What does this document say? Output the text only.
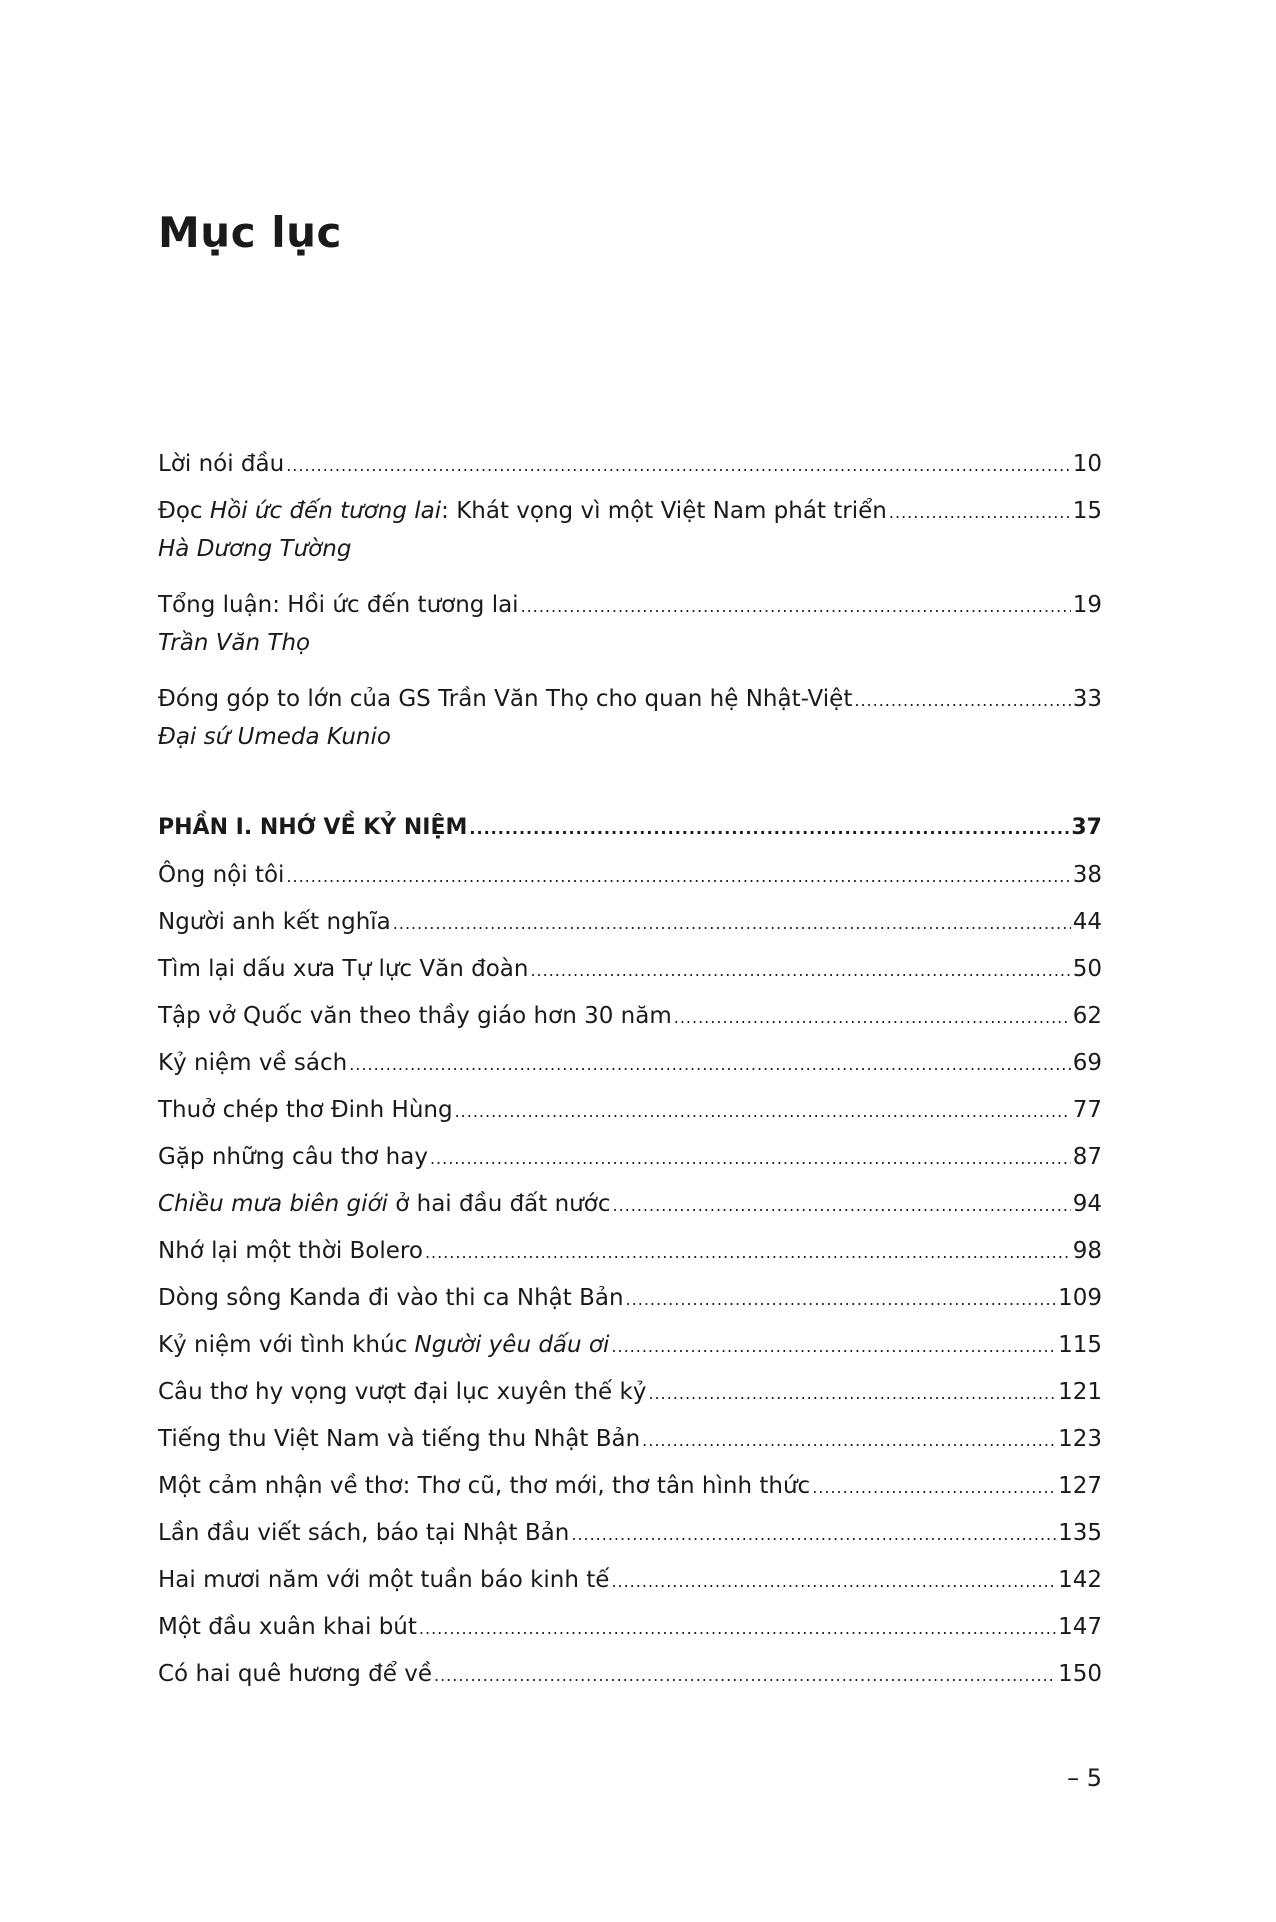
Mục lục
Lời nói đầu .....	10
Đọc Hồi ức đến tương lai: Khát vọng vì một Việt Nam phát triển .....	15
Hà Dương Tường
Tổng luận: Hồi ức đến tương lai .....	19
Trần Văn Thọ
Đóng góp to lớn của GS Trần Văn Thọ cho quan hệ Nhật-Việt .....	33
Đại sứ Umeda Kunio
PHẦN I. NHỚ VỀ KỶ NIỆM .....	37
Ông nội tôi .....	38
Người anh kết nghĩa .....	44
Tìm lại dấu xưa Tự lực Văn đoàn .....	50
Tập vở Quốc văn theo thầy giáo hơn 30 năm .....	62
Kỷ niệm về sách .....	69
Thuở chép thơ Đinh Hùng .....	77
Gặp những câu thơ hay .....	87
Chiều mưa biên giới ở hai đầu đất nước .....	94
Nhớ lại một thời Bolero .....	98
Dòng sông Kanda đi vào thi ca Nhật Bản .....	109
Kỷ niệm với tình khúc Người yêu dấu ơi .....	115
Câu thơ hy vọng vượt đại lục xuyên thế kỷ .....	121
Tiếng thu Việt Nam và tiếng thu Nhật Bản .....	123
Một cảm nhận về thơ: Thơ cũ, thơ mới, thơ tân hình thức .....	127
Lần đầu viết sách, báo tại Nhật Bản .....	135
Hai mươi năm với một tuần báo kinh tế .....	142
Một đầu xuân khai bút .....	147
Có hai quê hương để về .....	150
– 5
